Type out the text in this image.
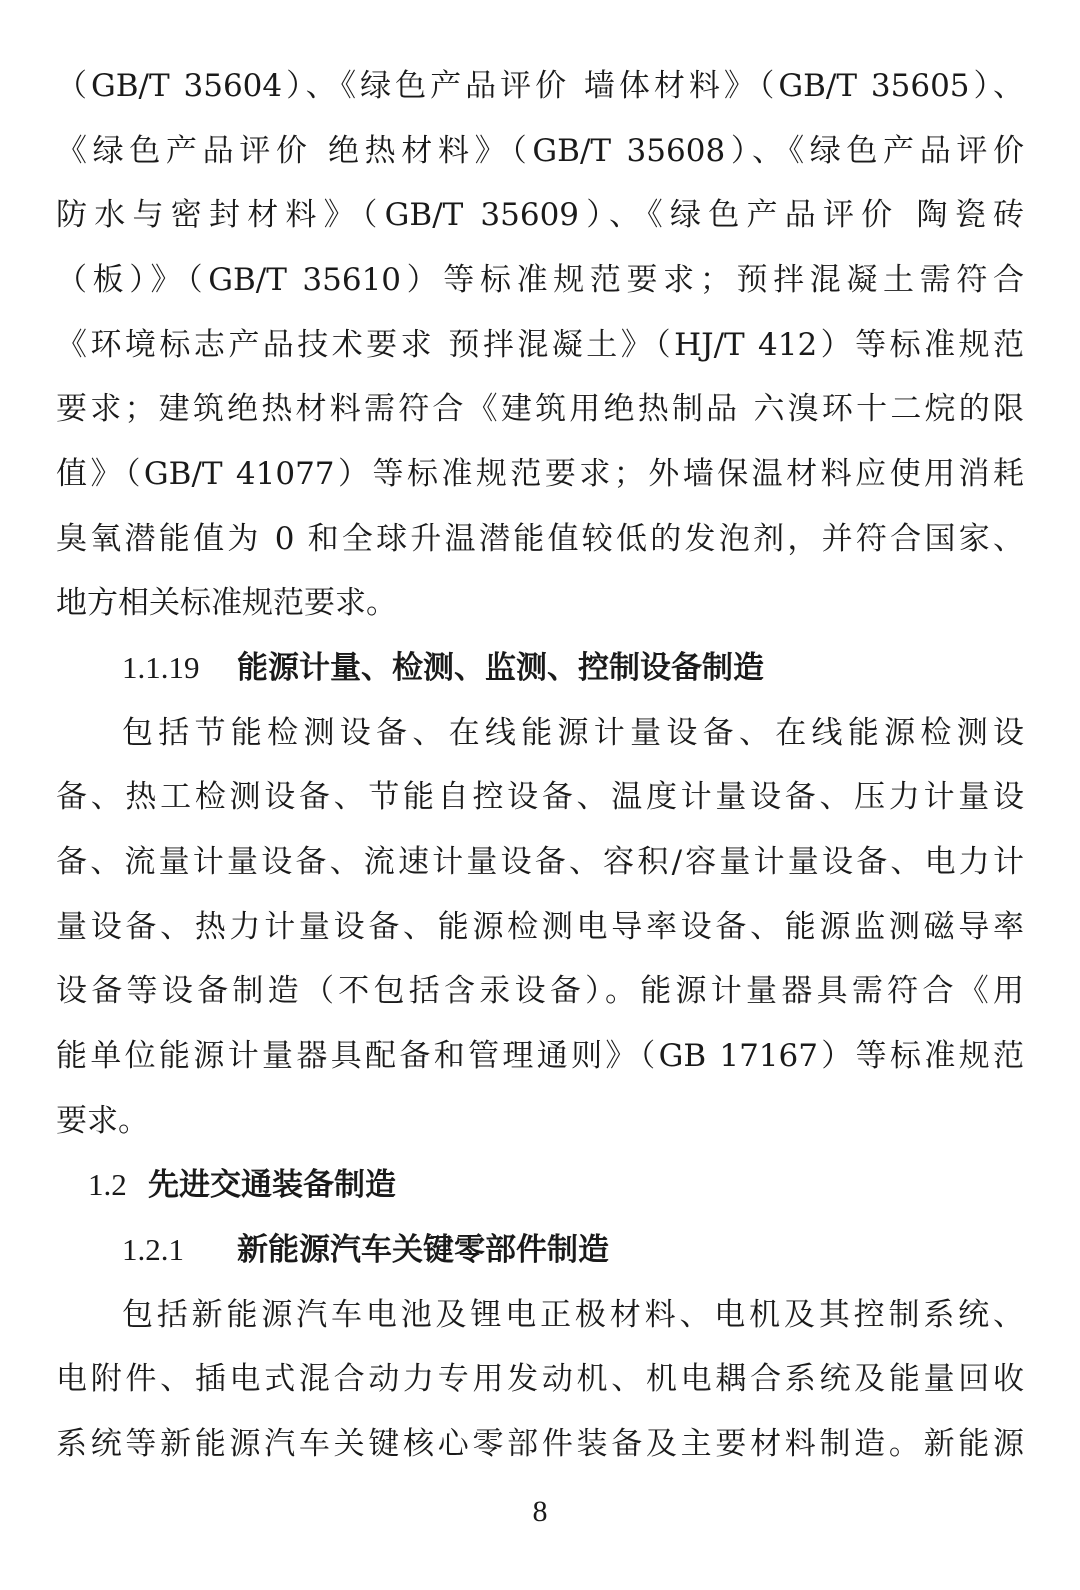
（GB/T 35604）、《绿色产品评价 墙体材料》（GB/T 35605）、
《绿色产品评价 绝热材料》（GB/T 35608）、《绿色产品评价
防水与密封材料》（GB/T 35609）、《绿色产品评价 陶瓷砖
（板）》（GB/T 35610）等标准规范要求；预拌混凝土需符合
《环境标志产品技术要求 预拌混凝土》（HJ/T 412）等标准规范
要求；建筑绝热材料需符合《建筑用绝热制品 六溴环十二烷的限
值》（GB/T 41077）等标准规范要求；外墙保温材料应使用消耗
臭氧潜能值为 0 和全球升温潜能值较低的发泡剂，并符合国家、
地方相关标准规范要求。
1.1.19 能源计量、检测、监测、控制设备制造
包括节能检测设备、在线能源计量设备、在线能源检测设
备、热工检测设备、节能自控设备、温度计量设备、压力计量设
备、流量计量设备、流速计量设备、容积/容量计量设备、电力计
量设备、热力计量设备、能源检测电导率设备、能源监测磁导率
设备等设备制造（不包括含汞设备）。能源计量器具需符合《用
能单位能源计量器具配备和管理通则》（GB 17167）等标准规范
要求。
1.2 先进交通装备制造
1.2.1 新能源汽车关键零部件制造
包括新能源汽车电池及锂电正极材料、电机及其控制系统、
电附件、插电式混合动力专用发动机、机电耦合系统及能量回收
系统等新能源汽车关键核心零部件装备及主要材料制造。新能源
8
